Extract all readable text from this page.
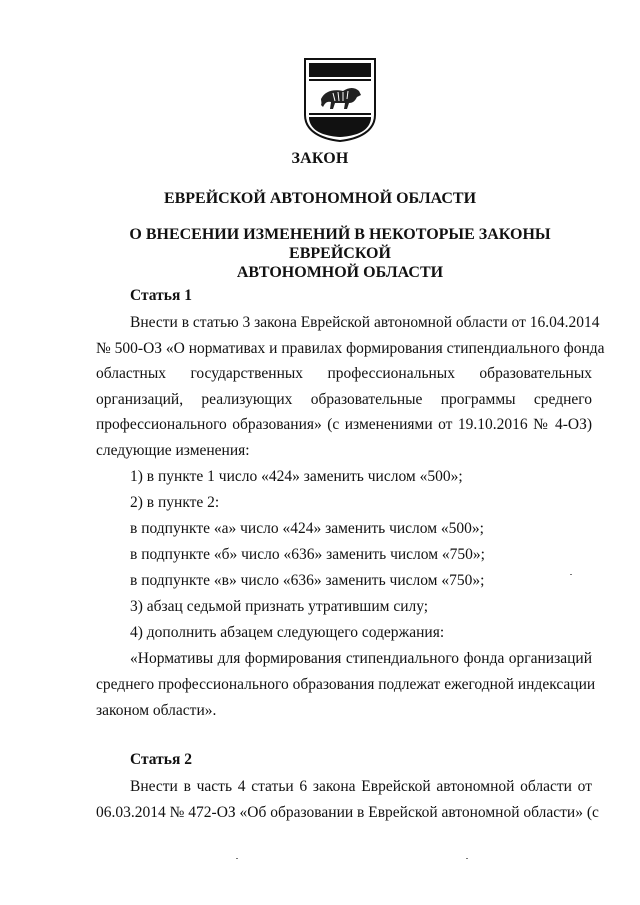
ЗАКОН
ЕВРЕЙСКОЙ АВТОНОМНОЙ ОБЛАСТИ
О ВНЕСЕНИИ ИЗМЕНЕНИЙ В НЕКОТОРЫЕ ЗАКОНЫ ЕВРЕЙСКОЙ
АВТОНОМНОЙ ОБЛАСТИ
Статья 1
Внести в статью 3 закона Еврейской автономной области от 16.04.2014
№ 500-ОЗ «О нормативах и правилах формирования стипендиального фонда
областных государственных профессиональных образовательных
организаций, реализующих образовательные программы среднего
профессионального образования» (с изменениями от 19.10.2016 № 4-ОЗ)
следующие изменения:
1) в пункте 1 число «424» заменить числом «500»;
2) в пункте 2:
в подпункте «а» число «424» заменить числом «500»;
в подпункте «б» число «636» заменить числом «750»;
в подпункте «в» число «636» заменить числом «750»;
3) абзац седьмой признать утратившим силу;
4) дополнить абзацем следующего содержания:
«Нормативы для формирования стипендиального фонда организаций
среднего профессионального образования подлежат ежегодной индексации
законом области».
Статья 2
Внести в часть 4 статьи 6 закона Еврейской автономной области от
06.03.2014 № 472-ОЗ «Об образовании в Еврейской автономной области» (с
